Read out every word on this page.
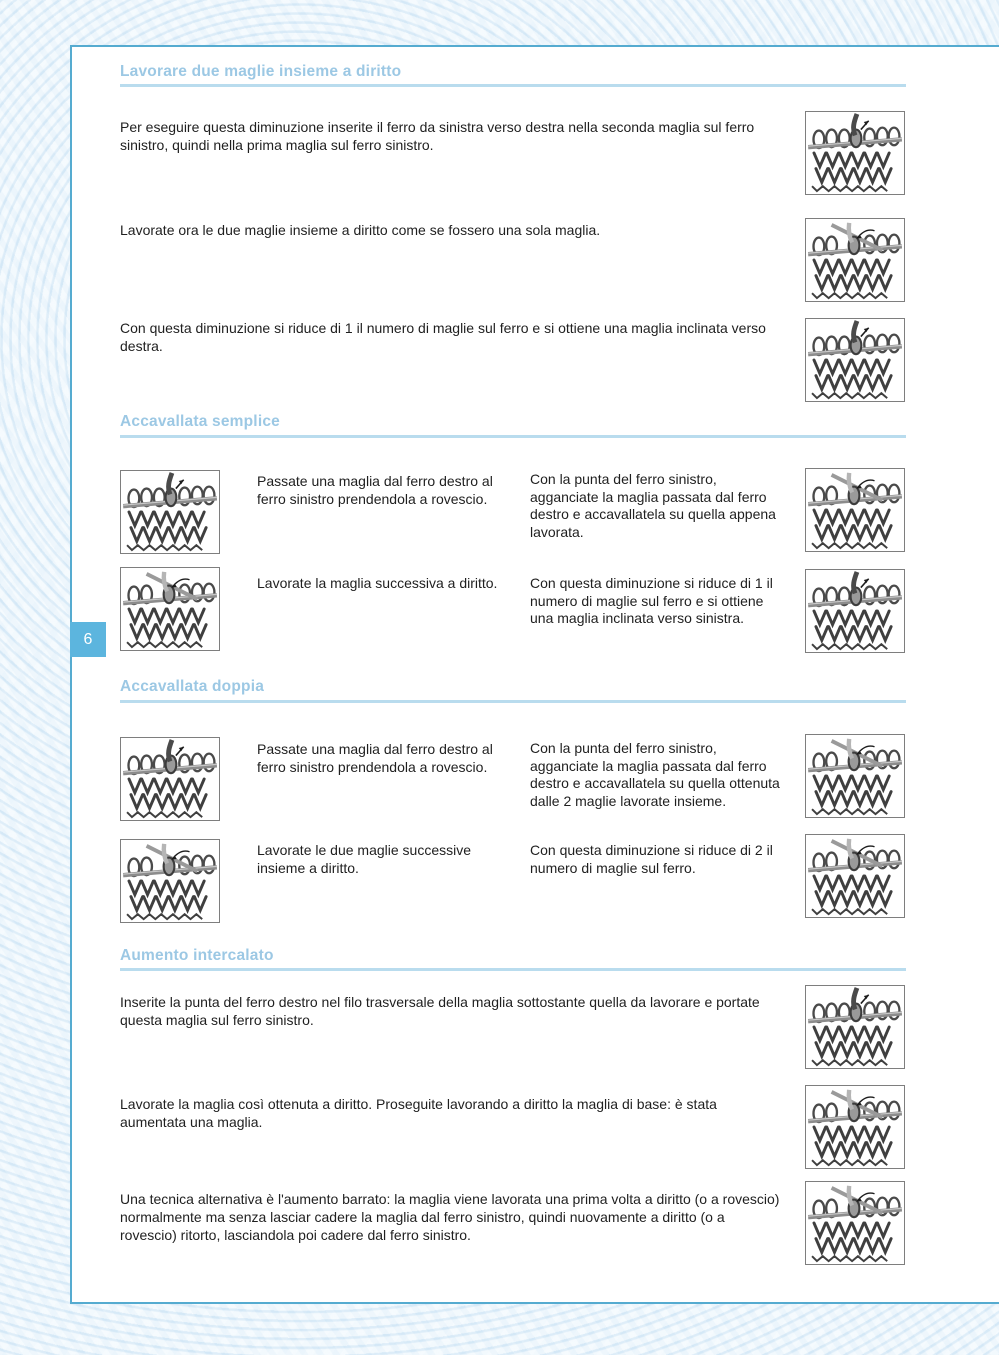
6
Lavorare due maglie insieme a diritto
Per eseguire questa diminuzione inserite il ferro da sinistra verso destra nella seconda maglia sul ferro sinistro, quindi nella prima maglia sul ferro sinistro.
Lavorate ora le due maglie insieme a diritto come se fossero una sola maglia.
Con questa diminuzione si riduce di 1 il numero di maglie sul ferro e si ottiene una maglia inclinata verso destra.
Accavallata semplice
Passate una maglia dal ferro destro al ferro sinistro prendendola a rovescio.
Con la punta del ferro sinistro, agganciate la maglia passata dal ferro destro e accavallatela su quella appena lavorata.
Lavorate la maglia successiva a diritto.	Con questa diminuzione si riduce di 1 il numero di maglie sul ferro e si ottiene una maglia inclinata verso sinistra.
Accavallata doppia
Passate una maglia dal ferro destro al ferro sinistro prendendola a rovescio.
Con la punta del ferro sinistro, agganciate la maglia passata dal ferro destro e accavallatela su quella ottenuta dalle 2 maglie lavorate insieme.
Lavorate le due maglie successive insieme a diritto.
Con questa diminuzione si riduce di 2 il numero di maglie sul ferro.
Aumento intercalato
Inserite la punta del ferro destro nel filo trasversale della maglia sottostante quella da lavorare e portate questa maglia sul ferro sinistro.
Lavorate la maglia così ottenuta a diritto. Proseguite lavorando a diritto la maglia di base: è stata aumentata una maglia.
Una tecnica alternativa è l'aumento barrato: la maglia viene lavorata una prima volta a diritto (o a rovescio) normalmente ma senza lasciar cadere la maglia dal ferro sinistro, quindi nuovamente a diritto (o a rovescio) ritorto, lasciandola poi cadere dal ferro sinistro.
